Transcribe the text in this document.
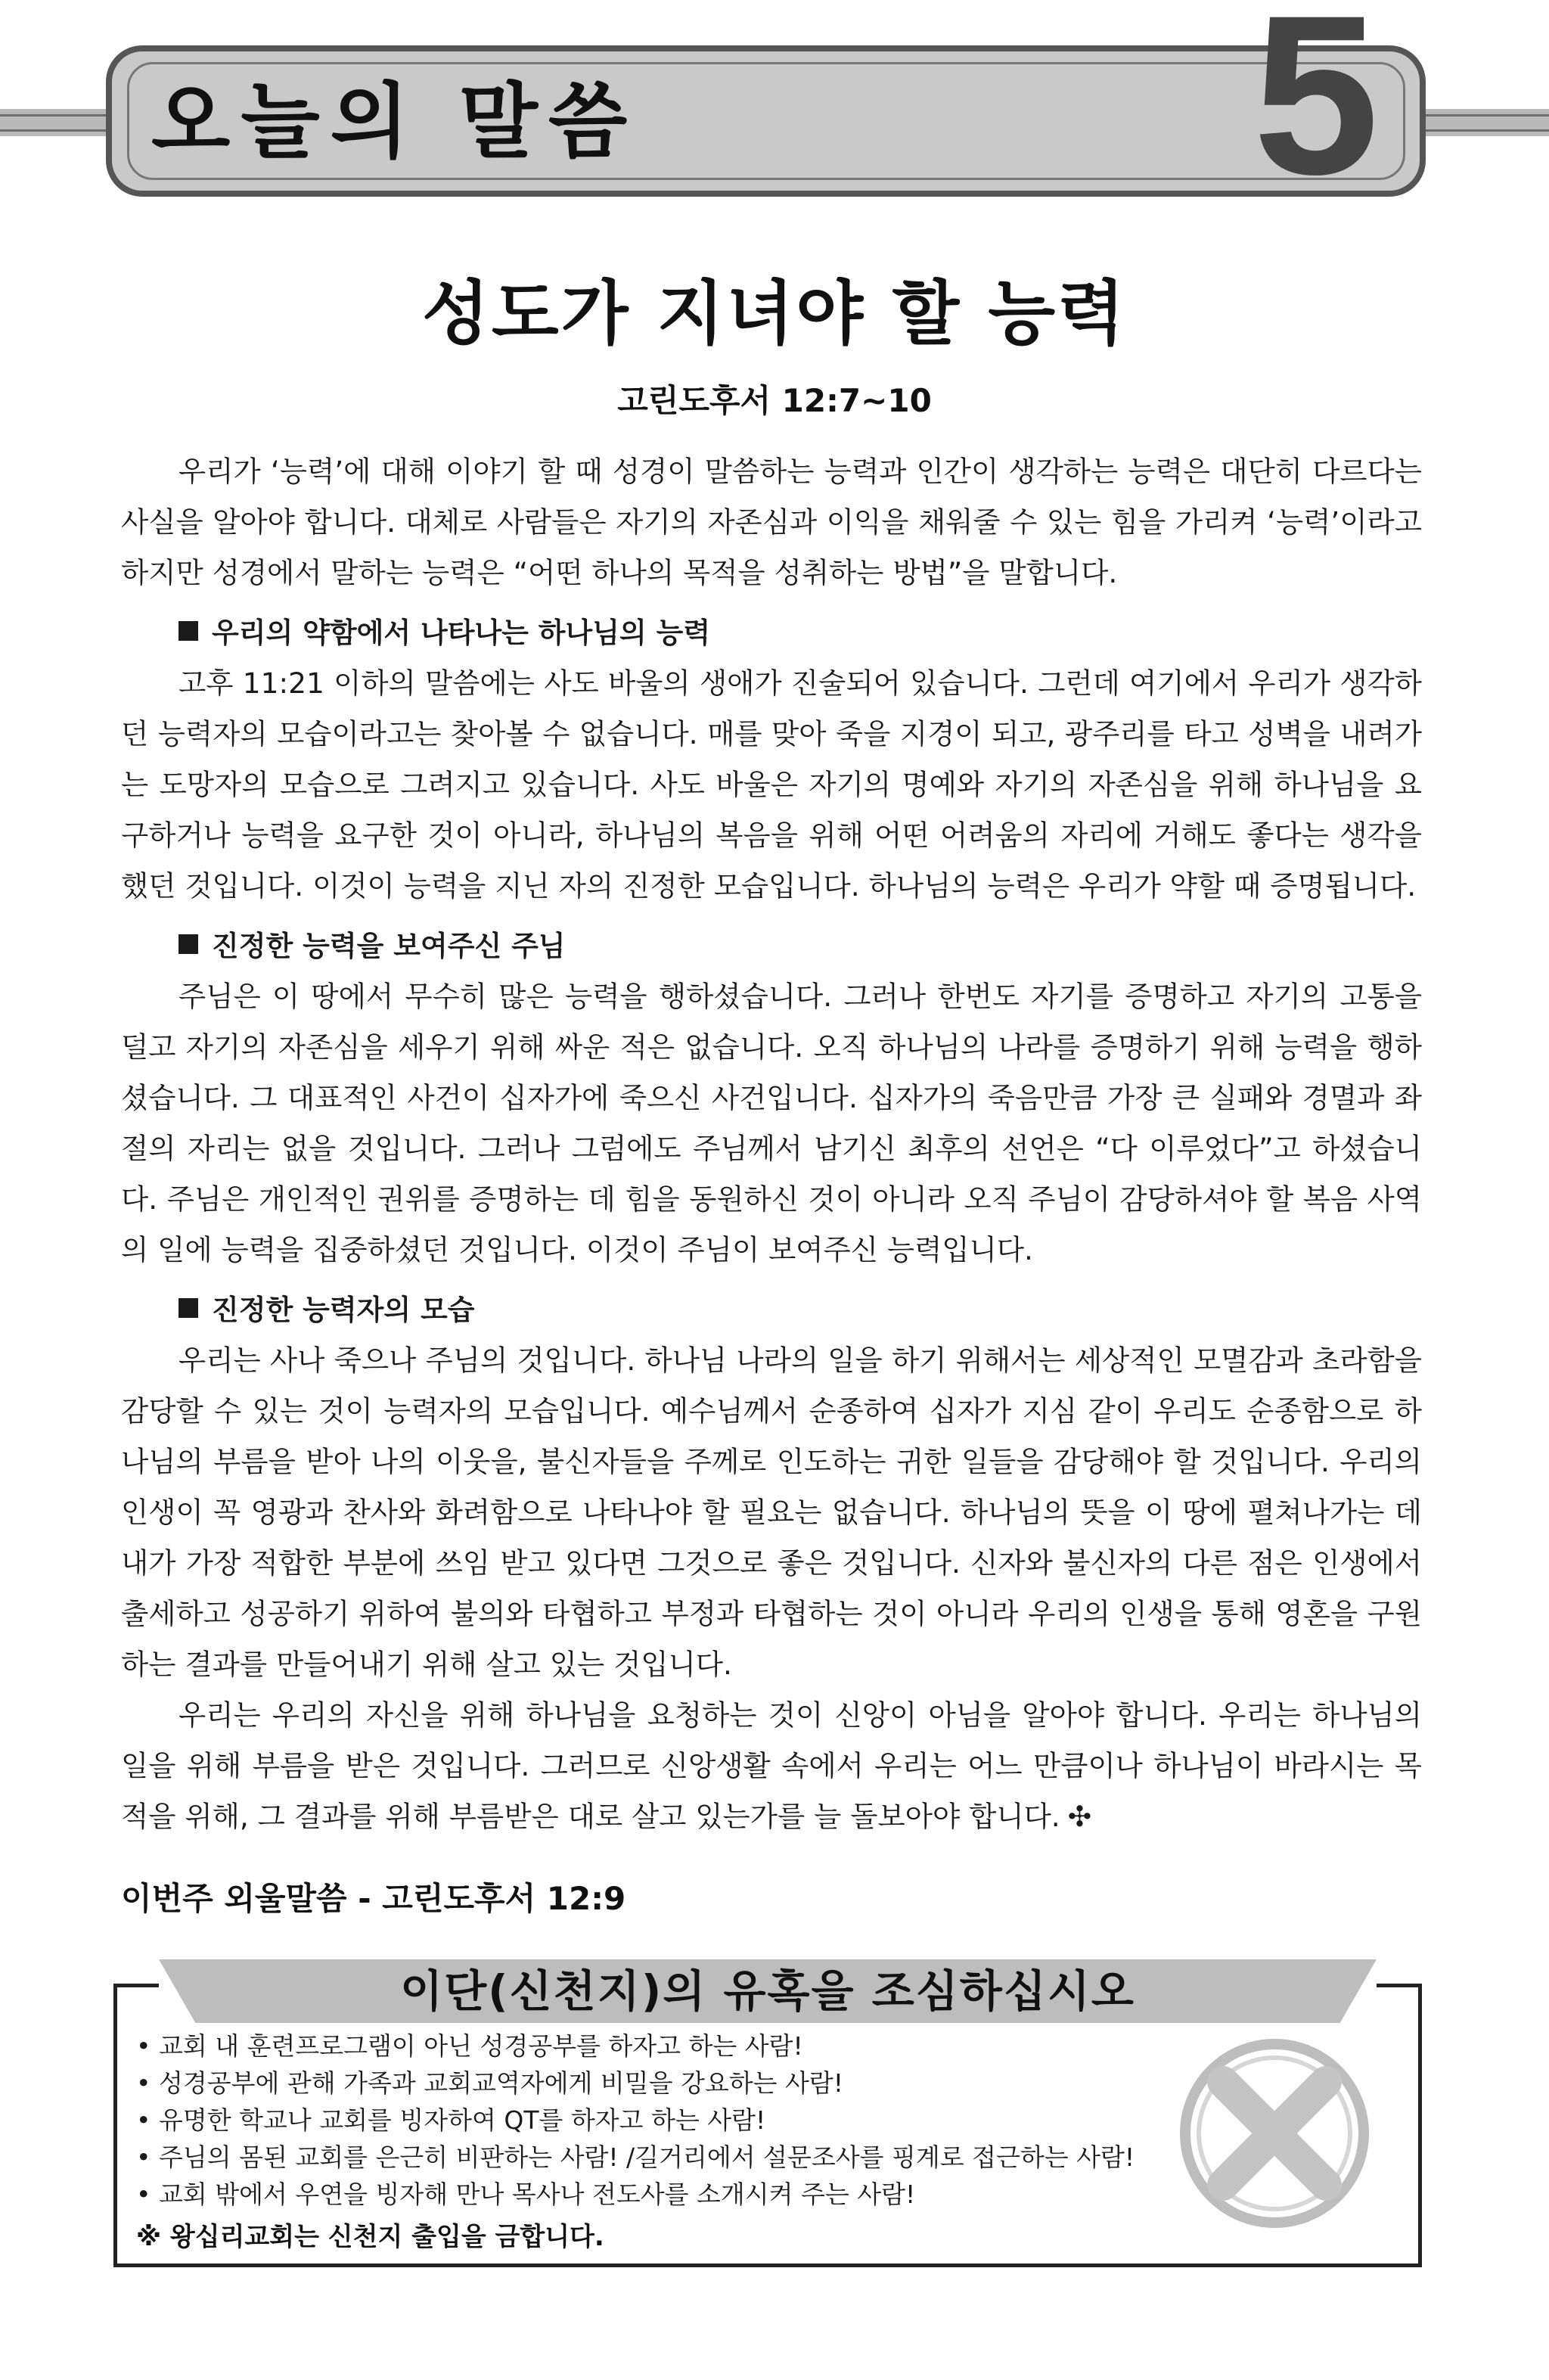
오늘의 말씀	5
성도가 지녀야 할 능력
고린도후서 12:7~10

우리가 ‘능력’에 대해 이야기 할 때 성경이 말씀하는 능력과 인간이 생각하는 능력은 대단히 다르다는 사실을 알아야 합니다. 대체로 사람들은 자기의 자존심과 이익을 채워줄 수 있는 힘을 가리켜 ‘능력’이라고 하지만 성경에서 말하는 능력은 “어떤 하나의 목적을 성취하는 방법”을 말합니다.

우리의 약함에서 나타나는 하나님의 능력

고후 11:21 이하의 말씀에는 사도 바울의 생애가 진술되어 있습니다. 그런데 여기에서 우리가 생각하던 능력자의 모습이라고는 찾아볼 수 없습니다. 매를 맞아 죽을 지경이 되고, 광주리를 타고 성벽을 내려가는 도망자의 모습으로 그려지고 있습니다. 사도 바울은 자기의 명예와 자기의 자존심을 위해 하나님을 요구하거나 능력을 요구한 것이 아니라, 하나님의 복음을 위해 어떤 어려움의 자리에 거해도 좋다는 생각을 했던 것입니다. 이것이 능력을 지닌 자의 진정한 모습입니다. 하나님의 능력은 우리가 약할 때 증명됩니다.

진정한 능력을 보여주신 주님

주님은 이 땅에서 무수히 많은 능력을 행하셨습니다. 그러나 한번도 자기를 증명하고 자기의 고통을 덜고 자기의 자존심을 세우기 위해 싸운 적은 없습니다. 오직 하나님의 나라를 증명하기 위해 능력을 행하셨습니다. 그 대표적인 사건이 십자가에 죽으신 사건입니다. 십자가의 죽음만큼 가장 큰 실패와 경멸과 좌절의 자리는 없을 것입니다. 그러나 그럼에도 주님께서 남기신 최후의 선언은 “다 이루었다”고 하셨습니다. 주님은 개인적인 권위를 증명하는 데 힘을 동원하신 것이 아니라 오직 주님이 감당하셔야 할 복음 사역의 일에 능력을 집중하셨던 것입니다. 이것이 주님이 보여주신 능력입니다.

진정한 능력자의 모습

우리는 사나 죽으나 주님의 것입니다. 하나님 나라의 일을 하기 위해서는 세상적인 모멸감과 초라함을 감당할 수 있는 것이 능력자의 모습입니다. 예수님께서 순종하여 십자가 지심 같이 우리도 순종함으로 하나님의 부름을 받아 나의 이웃을, 불신자들을 주께로 인도하는 귀한 일들을 감당해야 할 것입니다. 우리의 인생이 꼭 영광과 찬사와 화려함으로 나타나야 할 필요는 없습니다. 하나님의 뜻을 이 땅에 펼쳐나가는 데 내가 가장 적합한 부분에 쓰임 받고 있다면 그것으로 좋은 것입니다. 신자와 불신자의 다른 점은 인생에서 출세하고 성공하기 위하여 불의와 타협하고 부정과 타협하는 것이 아니라 우리의 인생을 통해 영혼을 구원하는 결과를 만들어내기 위해 살고 있는 것입니다.

우리는 우리의 자신을 위해 하나님을 요청하는 것이 신앙이 아님을 알아야 합니다. 우리는 하나님의 일을 위해 부름을 받은 것입니다. 그러므로 신앙생활 속에서 우리는 어느 만큼이나 하나님이 바라시는 목적을 위해, 그 결과를 위해 부름받은 대로 살고 있는가를 늘 돌보아야 합니다. ✣

이번주 외울말씀 - 고린도후서 12:9
이단(신천지)의 유혹을 조심하십시오
• 교회 내 훈련프로그램이 아닌 성경공부를 하자고 하는 사람!
• 성경공부에 관해 가족과 교회교역자에게 비밀을 강요하는 사람!
• 유명한 학교나 교회를 빙자하여 QT를 하자고 하는 사람!
• 주님의 몸된 교회를 은근히 비판하는 사람! /길거리에서 설문조사를 핑계로 접근하는 사람!
• 교회 밖에서 우연을 빙자해 만나 목사나 전도사를 소개시켜 주는 사람!
※ 왕십리교회는 신천지 출입을 금합니다.
